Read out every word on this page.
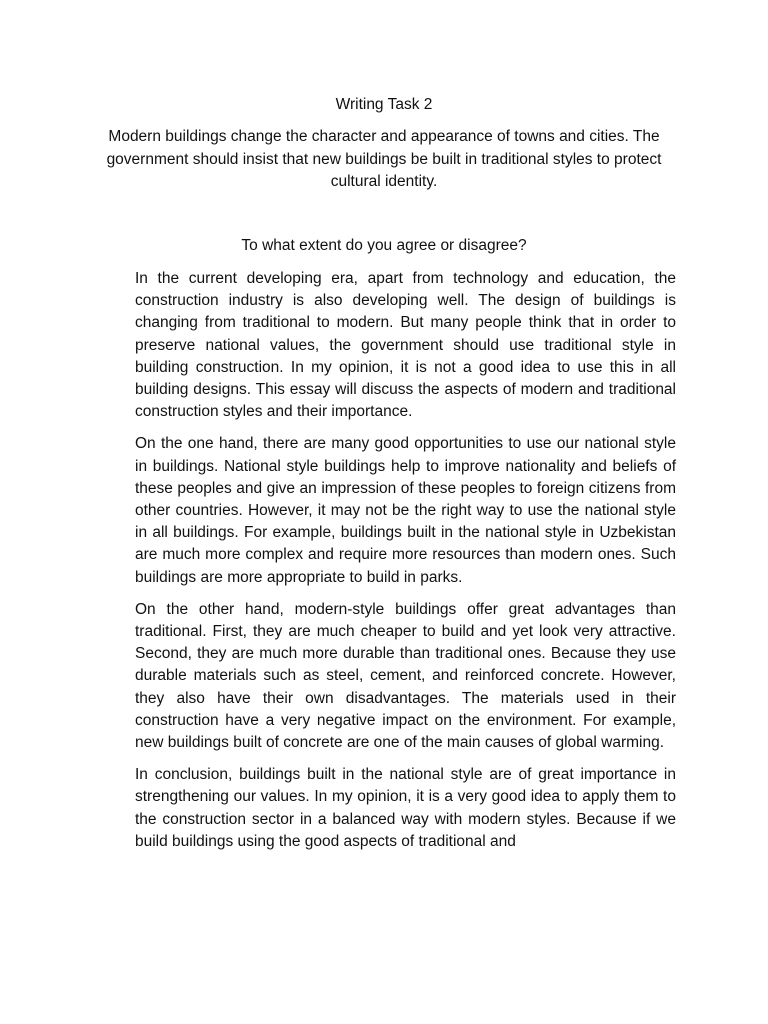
Writing Task 2
Modern buildings change the character and appearance of towns and cities. The government should insist that new buildings be built in traditional styles to protect cultural identity.
To what extent do you agree or disagree?

In the current developing era, apart from technology and education, the construction industry is also developing well. The design of buildings is changing from traditional to modern. But many people think that in order to preserve national values, the government should use traditional style in building construction. In my opinion, it is not a good idea to use this in all building designs. This essay will discuss the aspects of modern and traditional construction styles and their importance.

On the one hand, there are many good opportunities to use our national style in buildings. National style buildings help to improve nationality and beliefs of these peoples and give an impression of these peoples to foreign citizens from other countries. However, it may not be the right way to use the national style in all buildings. For example, buildings built in the national style in Uzbekistan are much more complex and require more resources than modern ones. Such buildings are more appropriate to build in parks.

On the other hand, modern-style buildings offer great advantages than traditional. First, they are much cheaper to build and yet look very attractive. Second, they are much more durable than traditional ones. Because they use durable materials such as steel, cement, and reinforced concrete. However, they also have their own disadvantages. The materials used in their construction have a very negative impact on the environment. For example, new buildings built of concrete are one of the main causes of global warming.

In conclusion, buildings built in the national style are of great importance in strengthening our values. In my opinion, it is a very good idea to apply them to the construction sector in a balanced way with modern styles. Because if we build buildings using the good aspects of traditional and
